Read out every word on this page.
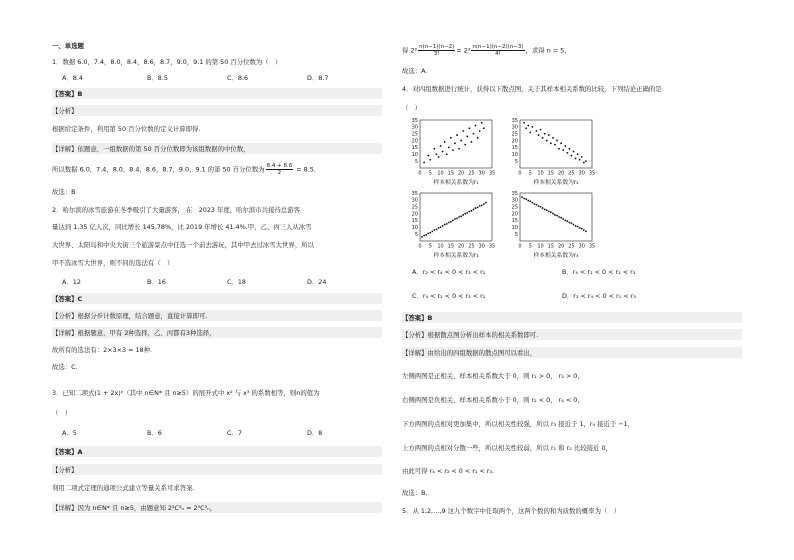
一、单选题
1．数据 6.0，7.4，8.0，8.4，8.6，8.7，9.0，9.1 的第 50 百分位数为（　）
A．8.4	B．8.5	C．8.6	D．8.7
【答案】B
【分析】
根据给定条件，利用第 50 百分位数的定义计算即得.
【详解】依题意，一组数据的第 50 百分位数即为该组数据的中位数，
所以数据 6.0，7.4，8.0，8.4，8.6，8.7，9.0，9.1 的第 50 百分位数为 $\frac{8.4 + 8.6}{2} = 8.5$.
故选：B
2．哈尔滨的冰雪旅游在冬季吸引了大量游客， 在　2023 年度，哈尔滨市共接待总游客
量达到 1.35 亿人次，同比增长 145.78%，比 2019 年增长 41.4%.甲、乙、丙三人从冰雪
大世界、太阳岛和中央大街三个旅游景点中任选一个前去游玩，其中甲去过冰雪大世界，所以
甲不选冰雪大世界，则不同的选法有（　）
A．12	B．16	C．18	D．24
【答案】C
【分析】根据分步计数原理，结合题意，直接计算即可.
【详解】根据题意，甲有 2种选择，乙、丙都有3种选择，
故所有的选法有：2×3×3 = 18种.
故选：C.
3．已知二项式(1 + 2x)ⁿ（其中 n∈N* 且 n≥5）的展开式中 x² 与 x³ 的系数相等，则n的值为
（　）
A．5	B．6	C．7	D．8
【答案】A
【分析】
利用二项式定理的通项公式建立等量关系可求答案.
【详解】因为 n∈N* 且 n≥5，由题意知 2²C²ₙ = 2³C³ₙ，
得 $2^2 \frac{n(n-1)(n-2)}{3!} = 2^3 \frac{n(n-1)(n-2)(n-3)}{4!}$ ，求得 n = 5，
故选：A．
4．对四组数据进行统计，获得以下散点图，关于其样本相关系数的比较，下列结论正确的是
（　）
5
10
15
20
25
30
35
0 5 10 15 20 25 30 35
样本相关系数为r₁
5
10
15
20
25
30
35
0 5 10 15 20 25 30 35
样本相关系数为r₂
5
10
15
20
25
30
35
0 5 10 15 20 25 30 35
样本相关系数为r₃
5
10
15
20
25
30
35
0 5 10 15 20 25 30 35
样本相关系数为r₄
A．r₂ < r₄ < 0 < r₃ < r₁	B．r₄ < r₂ < 0 < r₁ < r₃
C．r₄ < r₂ < 0 < r₃ < r₁	D．r₂ < r₄ < 0 < r₁ < r₃
【答案】B
【分析】根据散点图分析出样本的相关系数即可.
【详解】由给出的四组数据的散点图可以看出，
左侧两图是正相关，样本相关系数大于 0，则 r₁ > 0， r₃ > 0，
右侧两图是负相关，样本相关系数小于 0，则 r₂ < 0， r₄ < 0，
下方两图的点相对更加集中，所以相关性较强，所以 r₃ 接近于 1，r₄ 接近于 −1，
上方两图的点相对分散一些，所以相关性较弱，所以 r₁ 和 r₂ 比较接近 0，
由此可得 r₄ < r₂ < 0 < r₁ < r₃.
故选：B.
5．从 1,2,…,9 这九个数字中任取两个，这两个数的和为质数的概率为（　）
